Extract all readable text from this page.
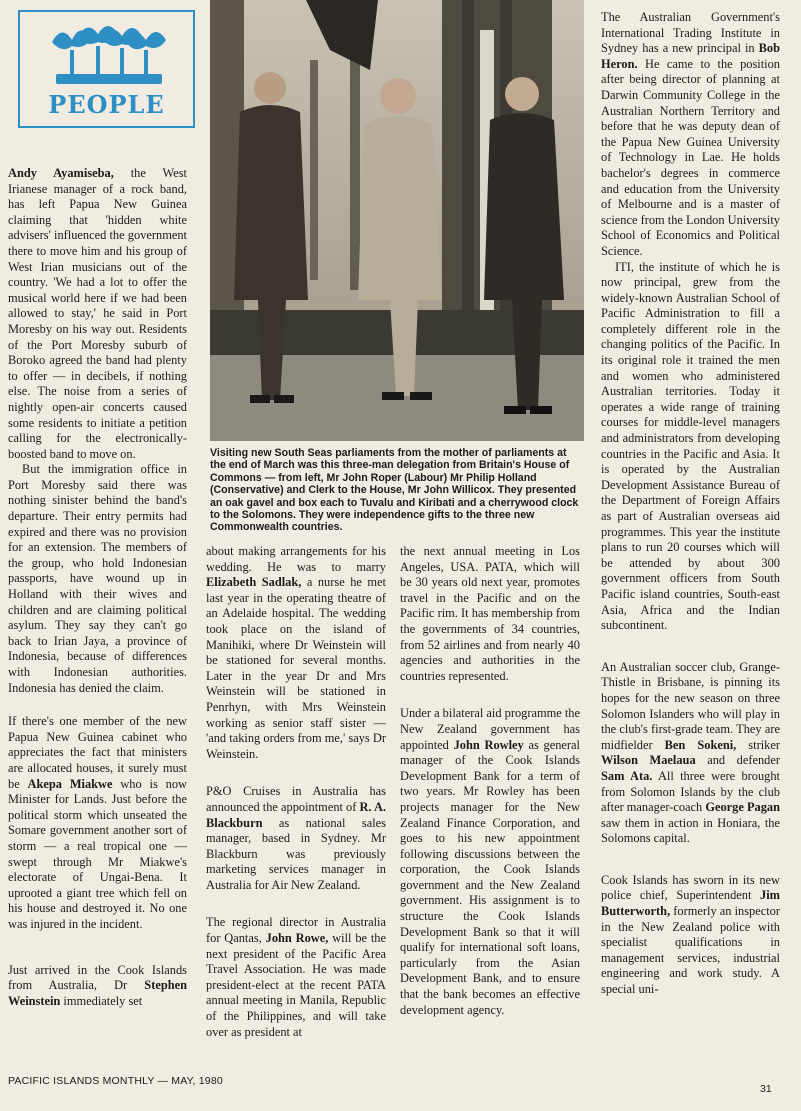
PEOPLE
Visiting new South Seas parliaments from the mother of parliaments at the end of March was this three-man delegation from Britain's House of Commons — from left, Mr John Roper (Labour) Mr Philip Holland (Conservative) and Clerk to the House, Mr John Willicox. They presented an oak gavel and box each to Tuvalu and Kiribati and a cherrywood clock to the Solomons. They were independence gifts to the three new Commonwealth countries.

Andy Ayamiseba, the West Irianese manager of a rock band, has left Papua New Guinea claiming that 'hidden white advisers' influenced the government there to move him and his group of West Irian musicians out of the country. 'We had a lot to offer the musical world here if we had been allowed to stay,' he said in Port Moresby on his way out. Residents of the Port Moresby suburb of Boroko agreed the band had plenty to offer — in decibels, if nothing else. The noise from a series of nightly open-air concerts caused some residents to initiate a petition calling for the electronically-boosted band to move on.

But the immigration office in Port Moresby said there was nothing sinister behind the band's departure. Their entry permits had expired and there was no provision for an extension. The members of the group, who hold Indonesian passports, have wound up in Holland with their wives and children and are claiming political asylum. They say they can't go back to Irian Jaya, a province of Indonesia, because of differences with Indonesian authorities. Indonesia has denied the claim.

If there's one member of the new Papua New Guinea cabinet who appreciates the fact that ministers are allocated houses, it surely must be Akepa Miakwe who is now Minister for Lands. Just before the political storm which unseated the Somare government another sort of storm — a real tropical one — swept through Mr Miakwe's electorate of Ungai-Bena. It uprooted a giant tree which fell on his house and destroyed it. No one was injured in the incident.

Just arrived in the Cook Islands from Australia, Dr Stephen Weinstein immediately set

about making arrangements for his wedding. He was to marry Elizabeth Sadlak, a nurse he met last year in the operating theatre of an Adelaide hospital. The wedding took place on the island of Manihiki, where Dr Weinstein will be stationed for several months. Later in the year Dr and Mrs Weinstein will be stationed in Penrhyn, with Mrs Weinstein working as senior staff sister — 'and taking orders from me,' says Dr Weinstein.

P&O Cruises in Australia has announced the appointment of R. A. Blackburn as national sales manager, based in Sydney. Mr Blackburn was previously marketing services manager in Australia for Air New Zealand.

The regional director in Australia for Qantas, John Rowe, will be the next president of the Pacific Area Travel Association. He was made president-elect at the recent PATA annual meeting in Manila, Republic of the Philippines, and will take over as president at

the next annual meeting in Los Angeles, USA. PATA, which will be 30 years old next year, promotes travel in the Pacific and on the Pacific rim. It has membership from the governments of 34 countries, from 52 airlines and from nearly 40 agencies and authorities in the countries represented.

Under a bilateral aid programme the New Zealand government has appointed John Rowley as general manager of the Cook Islands Development Bank for a term of two years. Mr Rowley has been projects manager for the New Zealand Finance Corporation, and goes to his new appointment following discussions between the corporation, the Cook Islands government and the New Zealand government. His assignment is to structure the Cook Islands Development Bank so that it will qualify for international soft loans, particularly from the Asian Development Bank, and to ensure that the bank becomes an effective development agency.

The Australian Government's International Trading Institute in Sydney has a new principal in Bob Heron. He came to the position after being director of planning at Darwin Community College in the Australian Northern Territory and before that he was deputy dean of the Papua New Guinea University of Technology in Lae. He holds bachelor's degrees in commerce and education from the University of Melbourne and is a master of science from the London University School of Economics and Political Science.

ITI, the institute of which he is now principal, grew from the widely-known Australian School of Pacific Administration to fill a completely different role in the changing politics of the Pacific. In its original role it trained the men and women who administered Australian territories. Today it operates a wide range of training courses for middle-level managers and administrators from developing countries in the Pacific and Asia. It is operated by the Australian Development Assistance Bureau of the Department of Foreign Affairs as part of Australian overseas aid programmes. This year the institute plans to run 20 courses which will be attended by about 300 government officers from South Pacific island countries, South-east Asia, Africa and the Indian subcontinent.

An Australian soccer club, Grange-Thistle in Brisbane, is pinning its hopes for the new season on three Solomon Islanders who will play in the club's first-grade team. They are midfielder Ben Sokeni, striker Wilson Maelaua and defender Sam Ata. All three were brought from Solomon Islands by the club after manager-coach George Pagan saw them in action in Honiara, the Solomons capital.

Cook Islands has sworn in its new police chief, Superintendent Jim Butterworth, formerly an inspector in the New Zealand police with specialist qualifications in management services, industrial engineering and work study. A special uni-

PACIFIC ISLANDS MONTHLY — MAY, 1980
31
